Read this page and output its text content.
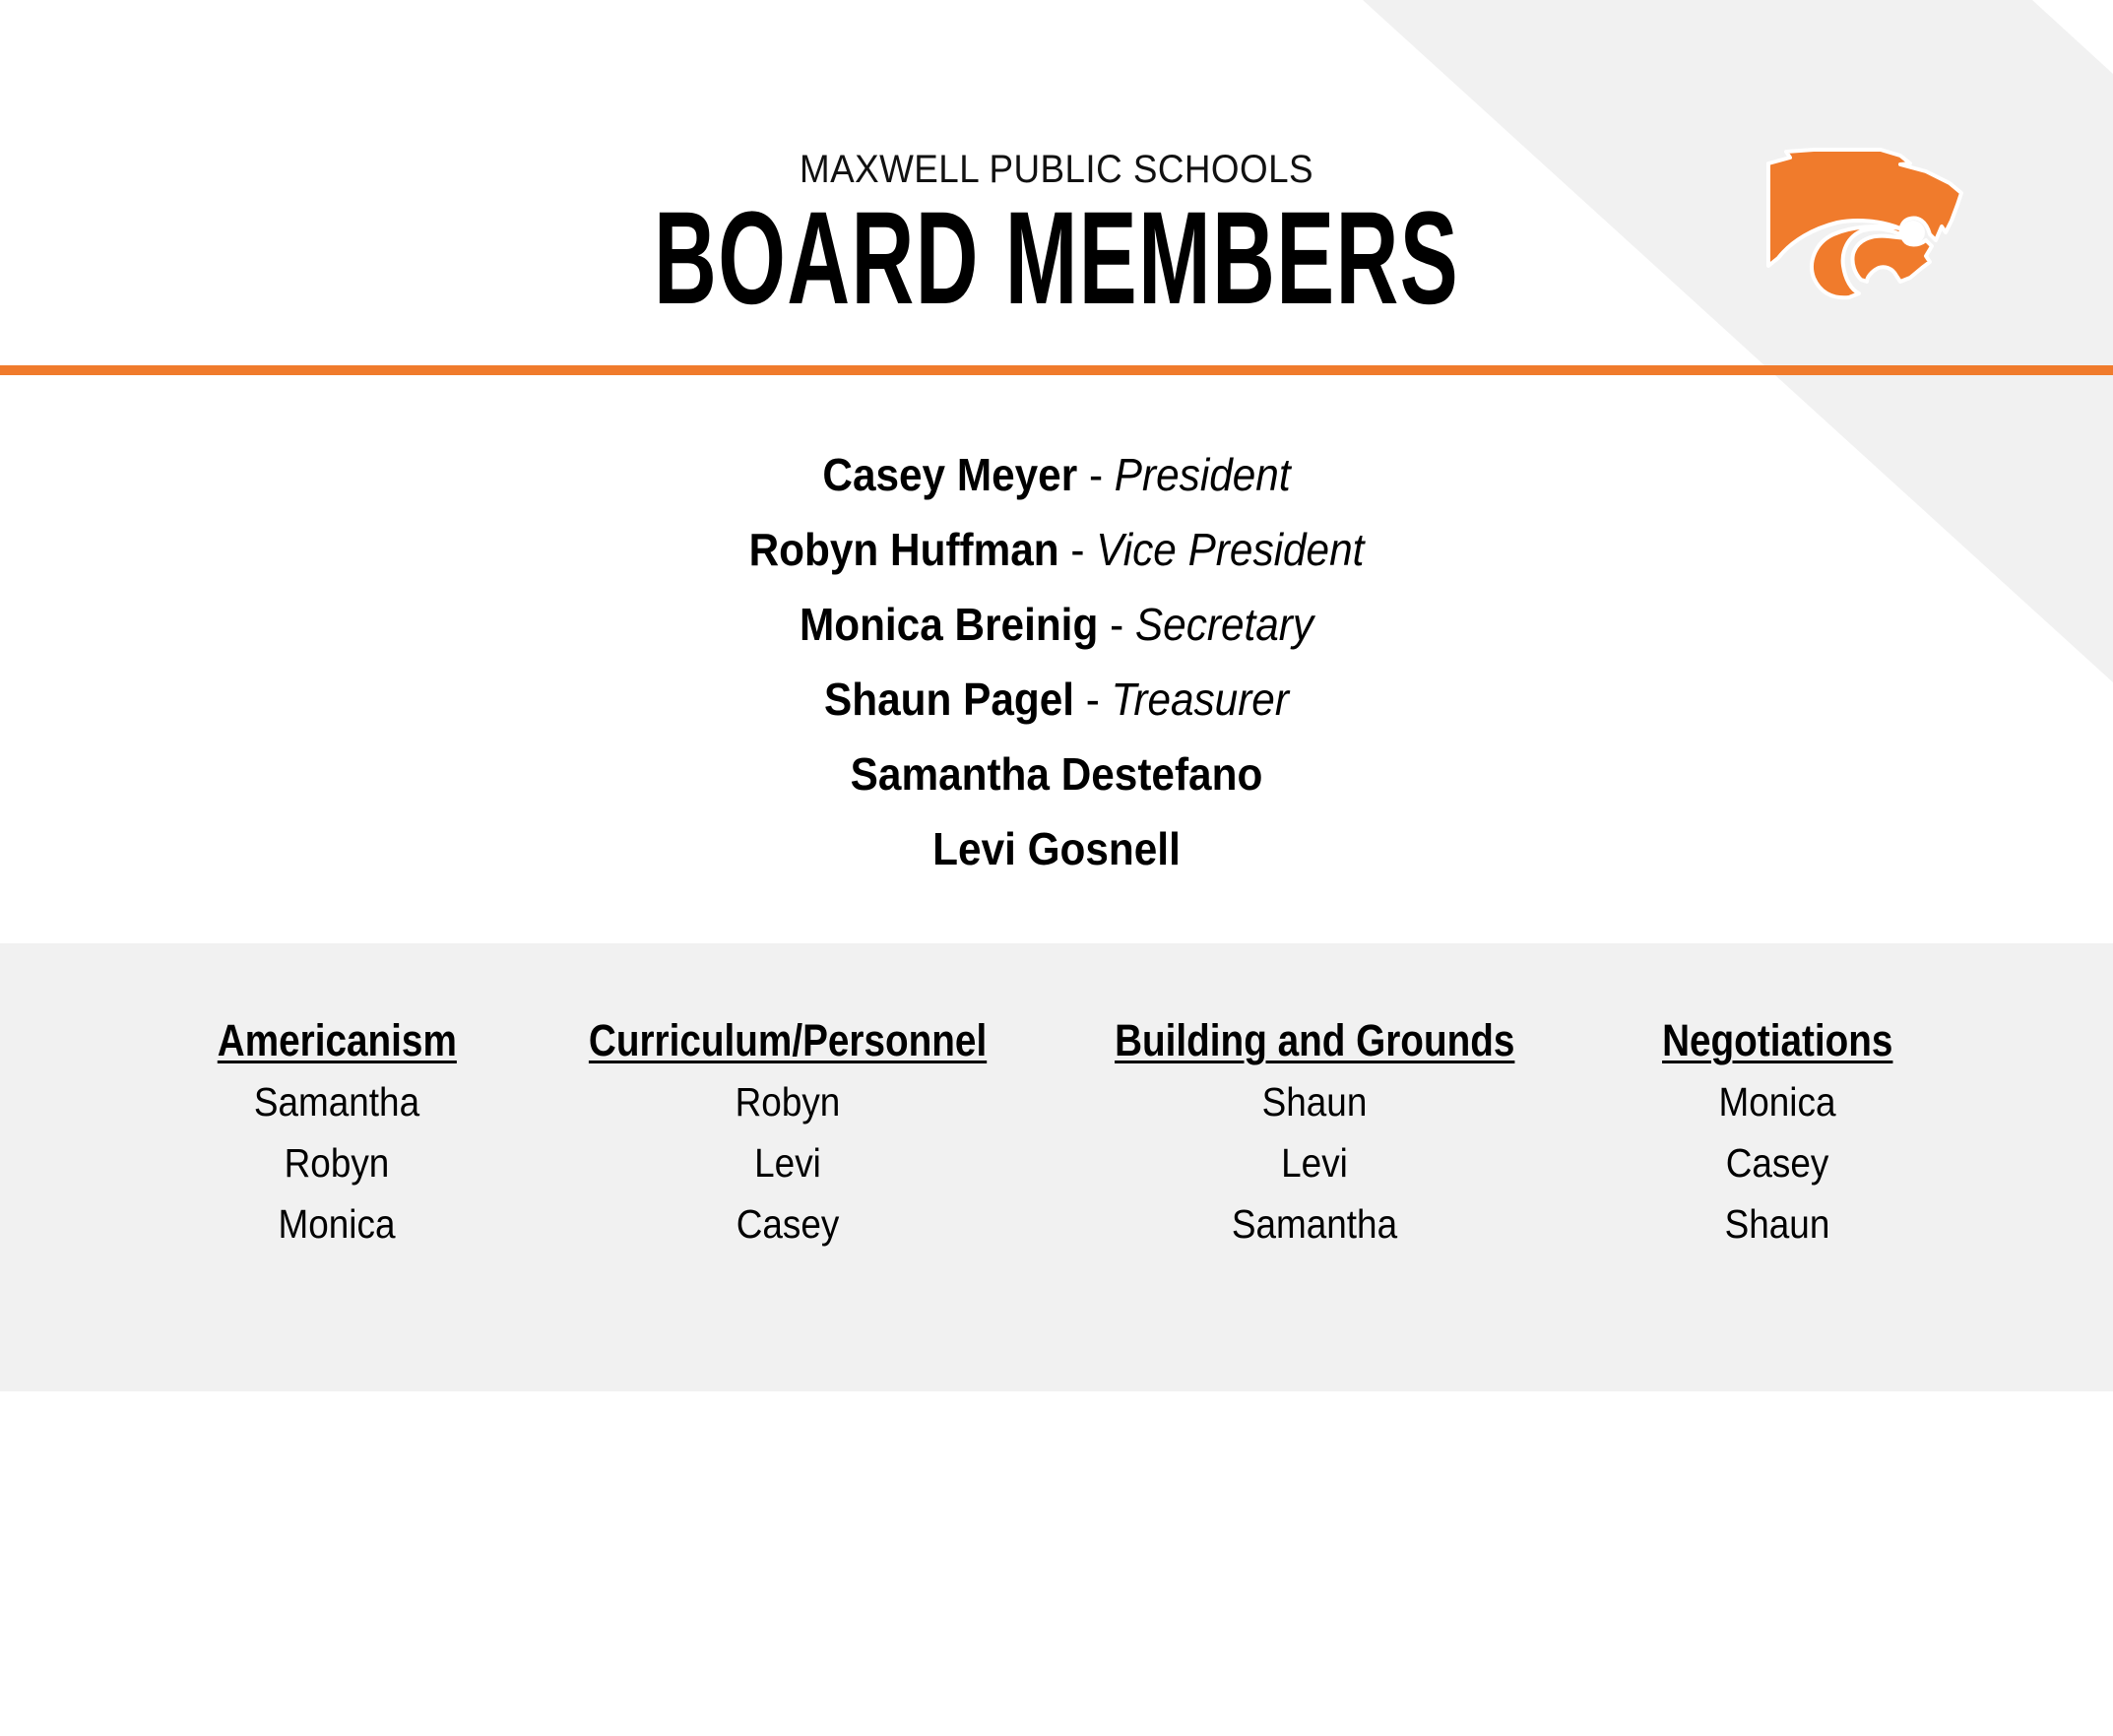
MAXWELL PUBLIC SCHOOLS
BOARD MEMBERS
Casey Meyer - President
Robyn Huffman - Vice President
Monica Breinig - Secretary
Shaun Pagel - Treasurer
Samantha Destefano
Levi Gosnell
Americanism
Samantha
Robyn
Monica
Curriculum/Personnel
Robyn
Levi
Casey
Building and Grounds
Shaun
Levi
Samantha
Negotiations
Monica
Casey
Shaun
